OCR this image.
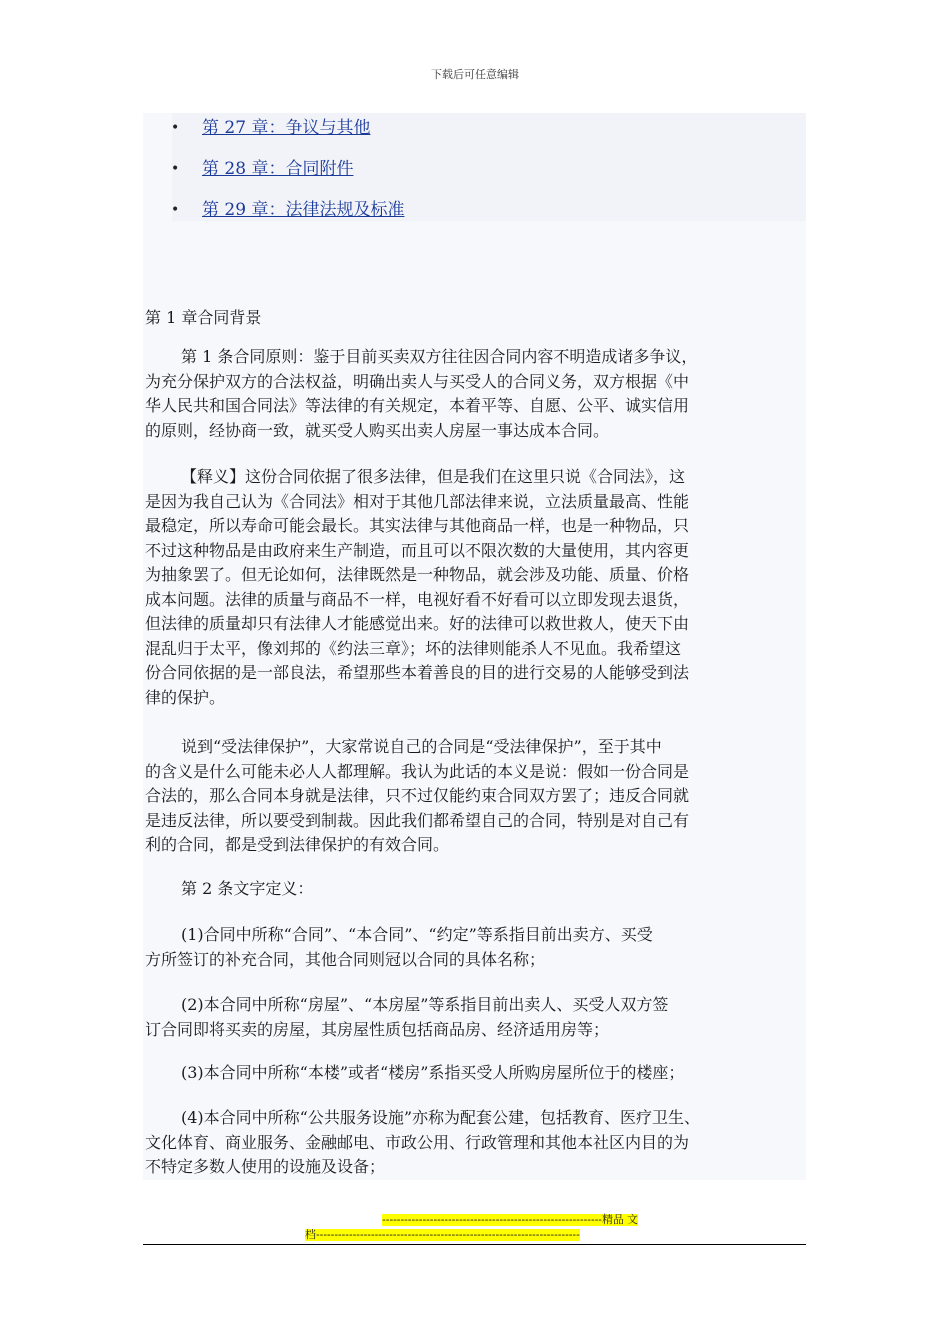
下载后可任意编辑
• 第 27 章：争议与其他
• 第 28 章：合同附件
• 第 29 章：法律法规及标准
第 1 章合同背景

第 1 条合同原则：鉴于目前买卖双方往往因合同内容不明造成诸多争议，
为充分保护双方的合法权益，明确出卖人与买受人的合同义务，双方根据《中
华人民共和国合同法》等法律的有关规定，本着平等、自愿、公平、诚实信用
的原则，经协商一致，就买受人购买出卖人房屋一事达成本合同。

【释义】这份合同依据了很多法律，但是我们在这里只说《合同法》，这
是因为我自己认为《合同法》相对于其他几部法律来说，立法质量最高、性能
最稳定，所以寿命可能会最长。其实法律与其他商品一样，也是一种物品，只
不过这种物品是由政府来生产制造，而且可以不限次数的大量使用，其内容更
为抽象罢了。但无论如何，法律既然是一种物品，就会涉及功能、质量、价格
成本问题。法律的质量与商品不一样，电视好看不好看可以立即发现去退货，
但法律的质量却只有法律人才能感觉出来。好的法律可以救世救人，使天下由
混乱归于太平，像刘邦的《约法三章》；坏的法律则能杀人不见血。我希望这
份合同依据的是一部良法，希望那些本着善良的目的进行交易的人能够受到法
律的保护。

说到“受法律保护”，大家常说自己的合同是“受法律保护”，至于其中
的含义是什么可能未必人人都理解。我认为此话的本义是说：假如一份合同是
合法的，那么合同本身就是法律，只不过仅能约束合同双方罢了；违反合同就
是违反法律，所以要受到制裁。因此我们都希望自己的合同，特别是对自己有
利的合同，都是受到法律保护的有效合同。

第 2 条文字定义：

(1)合同中所称“合同”、“本合同”、“约定”等系指目前出卖方、买受
方所签订的补充合同，其他合同则冠以合同的具体名称；

(2)本合同中所称“房屋”、“本房屋”等系指目前出卖人、买受人双方签
订合同即将买卖的房屋，其房屋性质包括商品房、经济适用房等；

(3)本合同中所称“本楼”或者“楼房”系指买受人所购房屋所位于的楼座；

(4)本合同中所称“公共服务设施”亦称为配套公建，包括教育、医疗卫生、
文化体育、商业服务、金融邮电、市政公用、行政管理和其他本社区内目的为
不特定多数人使用的设施及设备；

------------------------------------------------------------精品 文
档------------------------------------------------------------------------
